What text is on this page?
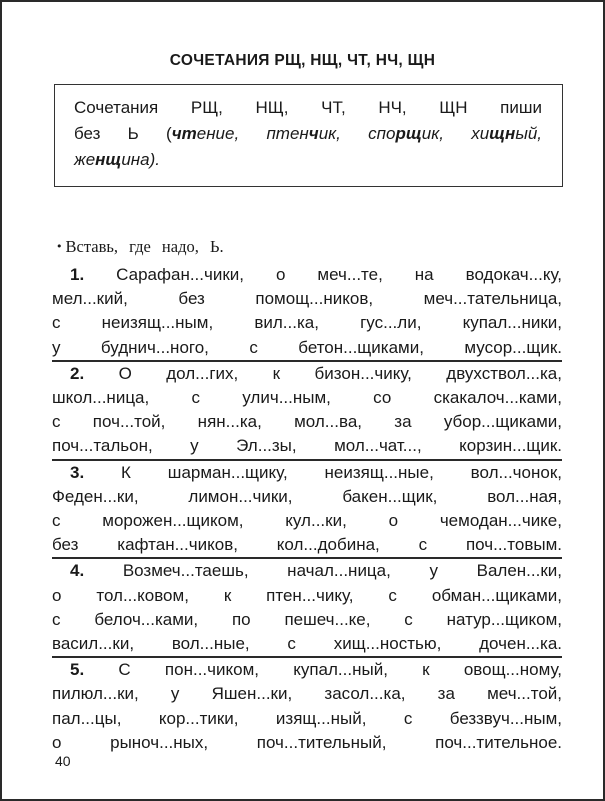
СОЧЕТАНИЯ РЩ, НЩ, ЧТ, НЧ, ЩН
Сочетания РЩ, НЩ, ЧТ, НЧ, ЩН пиши
без Ь (чтение, птенчик, спорщик, хищный,
женщина).
• Вставь, где надо, Ь.
1. Сарафан...чики, о меч...те, на водокач...ку,
мел...кий, без помощ...ников, меч...тательница,
с неизящ...ным, вил...ка, гус...ли, купал...ники,
у буднич...ного, с бетон...щиками, мусор...щик.
2. О дол...гих, к бизон...чику, двухствол...ка,
школ...ница, с улич...ным, со скакалоч...ками,
с поч...той, нян...ка, мол...ва, за убор...щиками,
поч...тальон, у Эл...зы, мол...чат..., корзин...щик.
3. К шарман...щику, неизящ...ные, вол...чонок,
Феден...ки, лимон...чики, бакен...щик, вол...ная,
с морожен...щиком, кул...ки, о чемодан...чике,
без кафтан...чиков, кол...добина, с поч...товым.
4. Возмеч...таешь, начал...ница, у Вален...ки,
о тол...ковом, к птен...чику, с обман...щиками,
с белоч...ками, по пешеч...ке, с натур...щиком,
васил...ки, вол...ные, с хищ...ностью, дочен...ка.
5. С пон...чиком, купал...ный, к овощ...ному,
пилюл...ки, у Яшен...ки, засол...ка, за меч...той,
пал...цы, кор...тики, изящ...ный, с беззвуч...ным,
о рыноч...ных, поч...тительный, поч...тительное.
40
